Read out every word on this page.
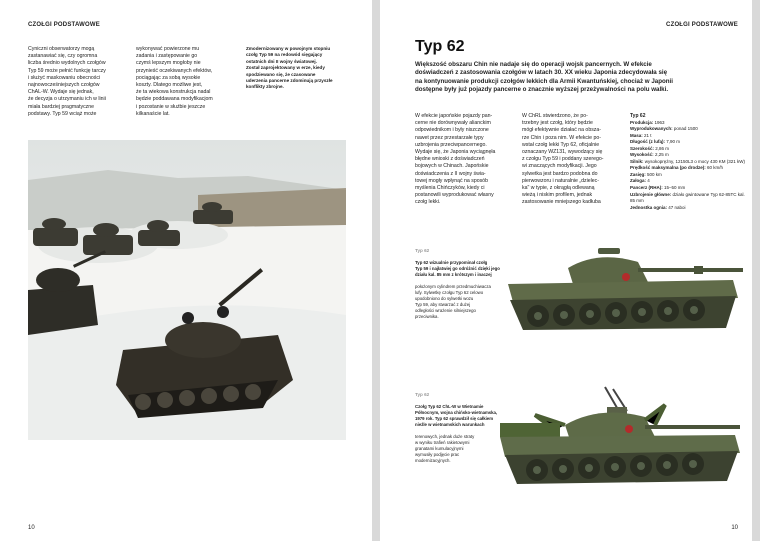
CZOŁGI PODSTAWOWE
Cyniczni obserwatorzy mogą
zastanawiać się, czy ogromna
liczba średnio wydolnych czołgów
Typ 59 może pełnić funkcję tarczy
i służyć maskowaniu obecności
najnowocześniejszych czołgów
ChAL-W. Wydaje się jednak,
że decyzja o utrzymaniu ich w linii
miała bardziej pragmatyczne
podstawy. Typ 59 wciąż może
wykonywać powierzone mu
zadania i zastępowanie go
czymś lepszym mogłoby nie
przynieść oczekiwanych efektów,
pociągając za sobą wysokie
koszty. Dlatego możliwe jest,
że ta wiekowa konstrukcja nadal
będzie poddawana modyfikacjom
i pozostanie w służbie jeszcze
kilkanaście lat.
Zmodernizowany w powojnym stopniu
czołg Typ 59 na redowód sięgający
ostatnich dni II wojny światowej.
Został zaprojektowany w erze, kiedy
spodziewano się, że czasowane
uderzenia pancerne zdominują przyszłe
konflikty zbrojne.
10
CZOŁGI PODSTAWOWE
Typ 62
Większość obszaru Chin nie nadaje się do operacji wojsk pancernych. W efekcie
doświadczeń z zastosowania czołgów w latach 30. XX wieku Japonia zdecydowała się
na kontynuowanie produkcji czołgów lekkich dla Armii Kwantuńskiej, chociaż w Japonii
dostępne były już pojazdy pancerne o znacznie wyższej przeżywalności na polu walki.
W efekcie japońskie pojazdy pan-
cerne nie dorównywały alianckim
odpowiednikom i były niszczone
nawet przez przestarzałe typy
uzbrojenia przeciwpancernego.
Wydaje się, że Japonia wyciągnęła
błędne wnioski z doświadczeń
bojowych w Chinach. Japońskie
doświadczenia z II wojny świa-
towej mogły wpłynąć na sposób
myślenia Chińczyków, kiedy ci
postanowili wyprodukować własny
czołg lekki.
W ChRL stwierdzono, że po-
trzebny jest czołg, który będzie
mógł efektywnie działać na obsza-
rze Chin i poza nim. W efekcie po-
wstał czołg lekki Typ 62, oficjalnie
oznaczany WZ131, wywodzący się
z czołgu Typ 59 i poddany szerego-
wi znaczących modyfikacji. Jego
sylwetka jest bardzo podobna do
pierwowzoru i naturalnie „dzielec-
ka" w typie, z okrągłą odlewaną
wieżą i niskim profilem, jednak
zastosowanie mniejszego kadłuba
Typ 62
Produkcja: 1963
Wyprodukowanych: ponad 1500
Masa: 21 t
Długość (z lufą): 7,90 m
Szerokość: 2,86 m
Wysokość: 2,25 m
Silnik: wysokoprężny, 12150L3 o mocy 430 KM (321 kW)
Prędkość maksymalna (po drodze): 60 km/h
Zasięg: 500 km
Załoga: 4
Pancerz (RHA): 15–50 mm
Uzbrojenie główne: działo gwintowane Typ 62-85TC kal. 85 mm
Jednostka ognia: 47 naboi

Typ 62

Typ 62 wizualnie przypominał czołg
Typ 59 i najłatwiej go odróżnić dzięki jego
działu kal. 85 mm z krótszym i inaczej

położonym cylindrem przedmuchiwacza
lufy. Sylwetkę czołgu Typ 62 celowo
upodobniono do sylwetki wozu
Typ 59, aby stwarzać z dużej
odległości wrażenie silniejszego
przeciwnika.

Typ 62

Czołg Typ 62 ChL-W w Wietnamie
Północnym, wojna chińsko-wietnamska,
1979 rok. Typ 62 sprawdził się całkiem
nieźle w wietnamskich warunkach

terenowych, jednak duże straty
w wyniku trafień rakietowymi
granatami kumulacyjnymi
wymusiły podjęcie prac
modernizacyjnych.

10
